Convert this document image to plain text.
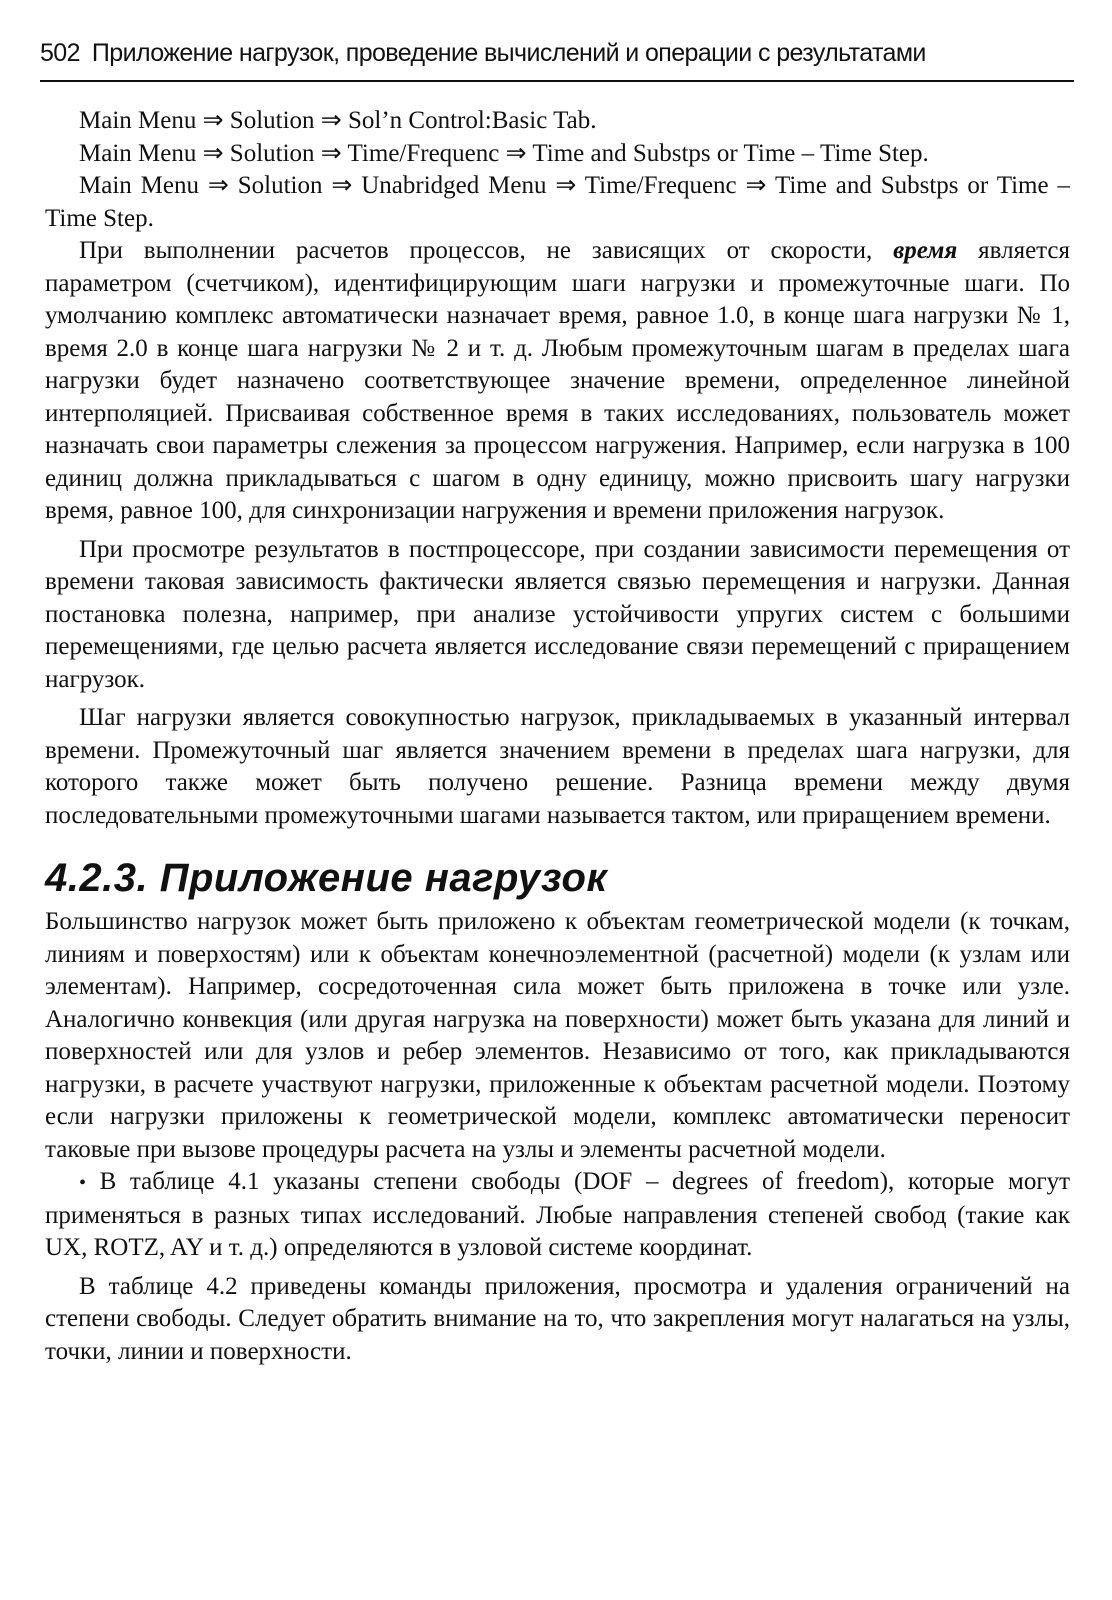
502 Приложение нагрузок, проведение вычислений и операции с результатами

Main Menu ⇒ Solution ⇒ Sol’n Control:Basic Tab.

Main Menu ⇒ Solution ⇒ Time/Frequenc ⇒ Time and Substps or Time – Time Step.

Main Menu ⇒ Solution ⇒ Unabridged Menu ⇒ Time/Frequenc ⇒ Time and Substps or Time – Time Step.

При выполнении расчетов процессов, не зависящих от скорости, время является параметром (счетчиком), идентифицирующим шаги нагрузки и промежуточные шаги. По умолчанию комплекс автоматически назначает время, равное 1.0, в конце шага нагрузки № 1, время 2.0 в конце шага нагрузки № 2 и т. д. Любым промежуточным шагам в пределах шага нагрузки будет назначено соответствующее значение времени, определенное линейной интерполяцией. Присваивая собственное время в таких исследованиях, пользователь может назначать свои параметры слежения за процессом нагружения. Например, если нагрузка в 100 единиц должна прикладываться с шагом в одну единицу, можно присвоить шагу нагрузки время, равное 100, для синхронизации нагружения и времени приложения нагрузок.

При просмотре результатов в постпроцессоре, при создании зависимости перемещения от времени таковая зависимость фактически является связью перемещения и нагрузки. Данная постановка полезна, например, при анализе устойчивости упругих систем с большими перемещениями, где целью расчета является исследование связи перемещений с приращением нагрузок.

Шаг нагрузки является совокупностью нагрузок, прикладываемых в указанный интервал времени. Промежуточный шаг является значением времени в пределах шага нагрузки, для которого также может быть получено решение. Разница времени между двумя последовательными промежуточными шагами называется тактом, или приращением времени.

4.2.3. Приложение нагрузок

Большинство нагрузок может быть приложено к объектам геометрической модели (к точкам, линиям и поверхостям) или к объектам конечноэлементной (расчетной) модели (к узлам или элементам). Например, сосредоточенная сила может быть приложена в точке или узле. Аналогично конвекция (или другая нагрузка на поверхности) может быть указана для линий и поверхностей или для узлов и ребер элементов. Независимо от того, как прикладываются нагрузки, в расчете участвуют нагрузки, приложенные к объектам расчетной модели. Поэтому если нагрузки приложены к геометрической модели, комплекс автоматически переносит таковые при вызове процедуры расчета на узлы и элементы расчетной модели.

• В таблице 4.1 указаны степени свободы (DOF – degrees of freedom), которые могут применяться в разных типах исследований. Любые направления степеней свобод (такие как UX, ROTZ, AY и т. д.) определяются в узловой системе координат.

В таблице 4.2 приведены команды приложения, просмотра и удаления ограничений на степени свободы. Следует обратить внимание на то, что закрепления могут налагаться на узлы, точки, линии и поверхности.
